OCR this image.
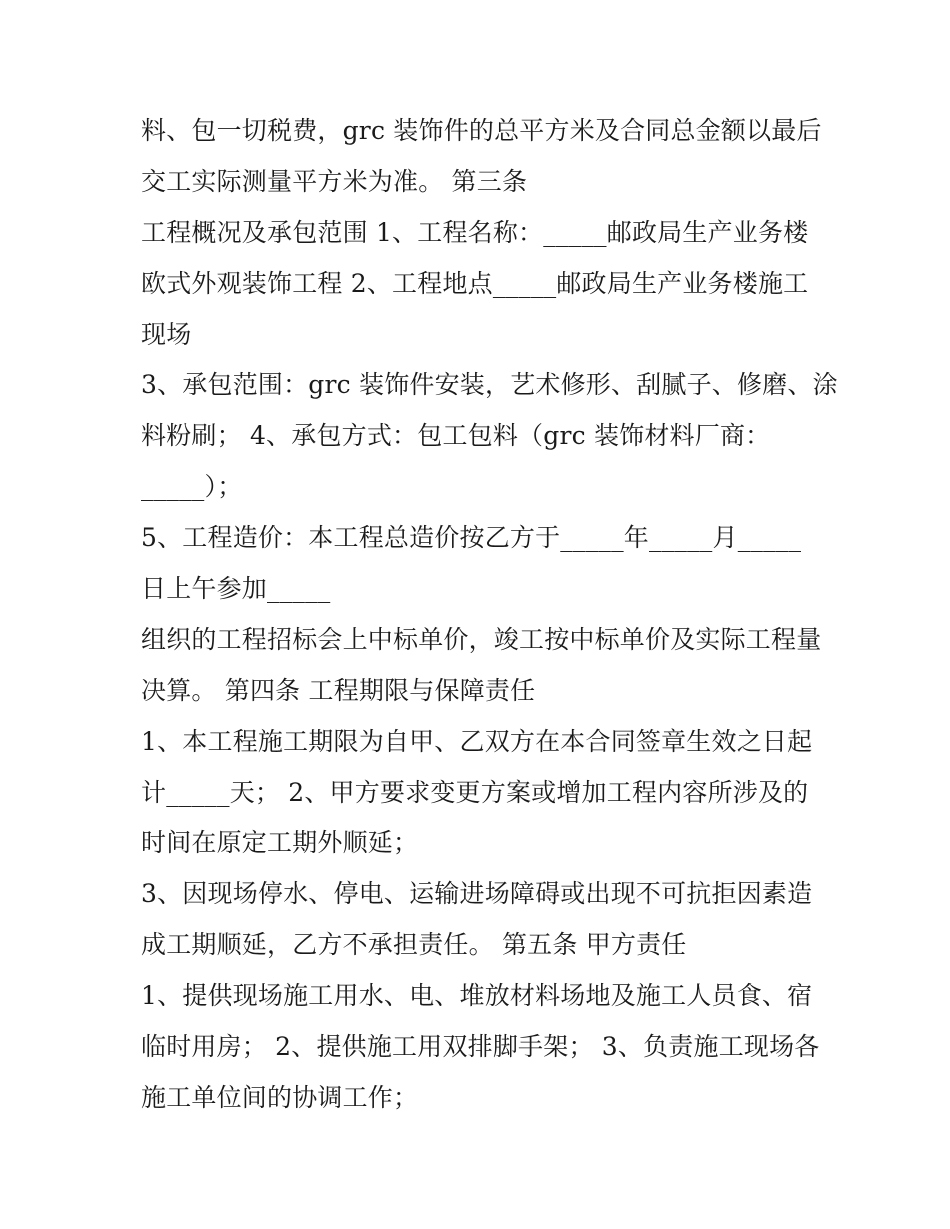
料、包一切税费，grc 装饰件的总平方米及合同总金额以最后
交工实际测量平方米为准。 第三条
工程概况及承包范围 1、工程名称：_____邮政局生产业务楼
欧式外观装饰工程 2、工程地点_____邮政局生产业务楼施工
现场
3、承包范围：grc 装饰件安装，艺术修形、刮腻子、修磨、涂
料粉刷； 4、承包方式：包工包料（grc 装饰材料厂商：
_____）；
5、工程造价：本工程总造价按乙方于_____年_____月_____
日上午参加_____
组织的工程招标会上中标单价，竣工按中标单价及实际工程量
决算。 第四条 工程期限与保障责任
1、本工程施工期限为自甲、乙双方在本合同签章生效之日起
计_____天； 2、甲方要求变更方案或增加工程内容所涉及的
时间在原定工期外顺延；
3、因现场停水、停电、运输进场障碍或出现不可抗拒因素造
成工期顺延，乙方不承担责任。 第五条 甲方责任
1、提供现场施工用水、电、堆放材料场地及施工人员食、宿
临时用房； 2、提供施工用双排脚手架； 3、负责施工现场各
施工单位间的协调工作；
